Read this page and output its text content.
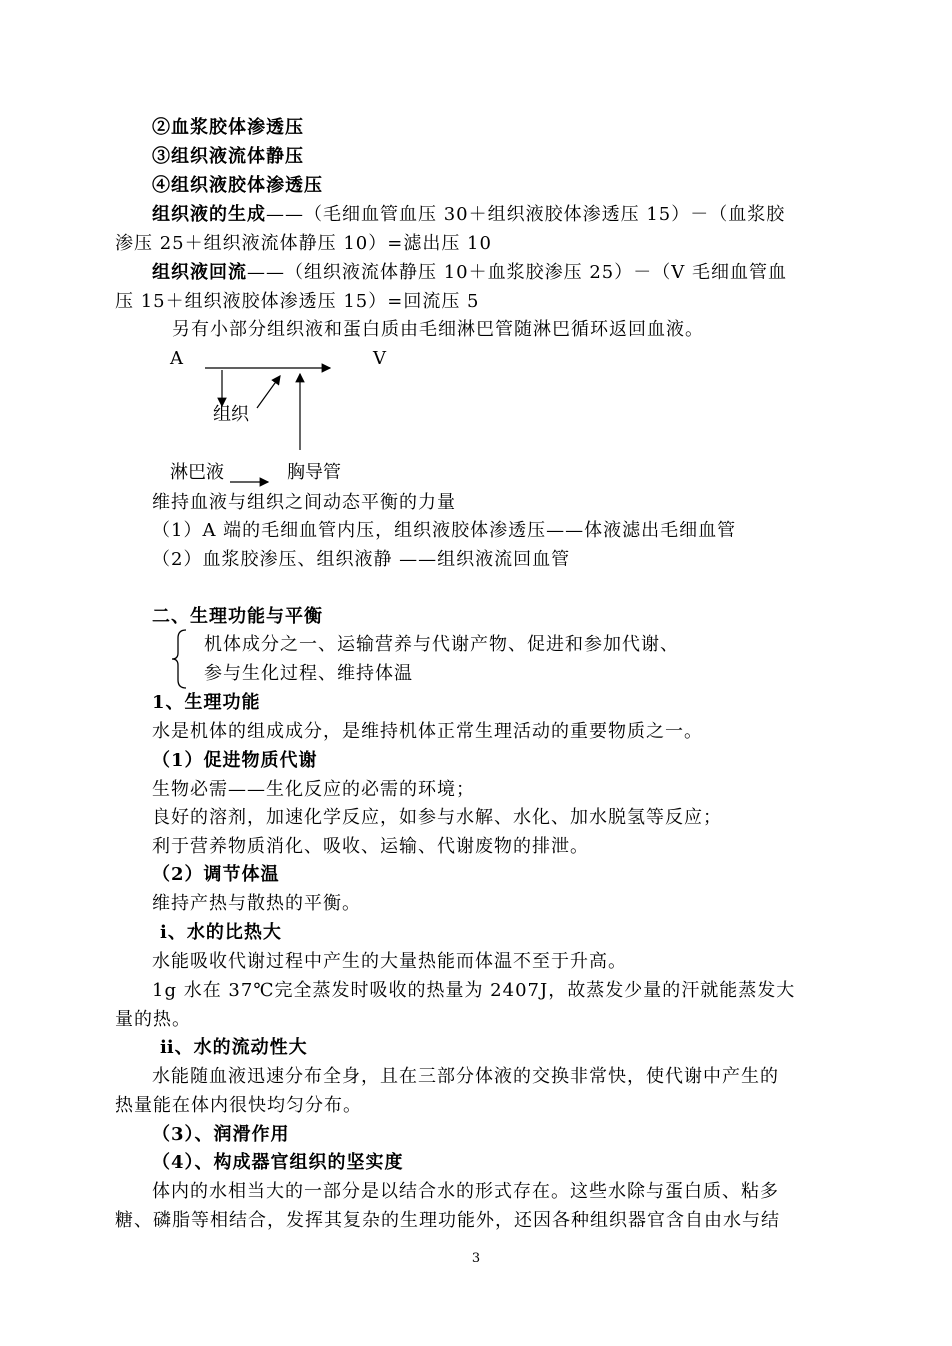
②血浆胶体渗透压
③组织液流体静压
④组织液胶体渗透压
组织液的生成——（毛细血管血压 30＋组织液胶体渗透压 15）－（血浆胶
渗压 25＋组织液流体静压 10）=滤出压 10
组织液回流——（组织液流体静压 10＋血浆胶渗压 25）－（V 毛细血管血
压 15＋组织液胶体渗透压 15）=回流压 5
另有小部分组织液和蛋白质由毛细淋巴管随淋巴循环返回血液。
A	V
组织
淋巴液	胸导管
维持血液与组织之间动态平衡的力量
（1）A 端的毛细血管内压，组织液胶体渗透压——体液滤出毛细血管
（2）血浆胶渗压、组织液静 ——组织液流回血管
二、生理功能与平衡
机体成分之一、运输营养与代谢产物、促进和参加代谢、
参与生化过程、维持体温
1、生理功能
水是机体的组成成分，是维持机体正常生理活动的重要物质之一。
（1）促进物质代谢
生物必需——生化反应的必需的环境；
良好的溶剂，加速化学反应，如参与水解、水化、加水脱氢等反应；
利于营养物质消化、吸收、运输、代谢废物的排泄。
（2）调节体温
维持产热与散热的平衡。
ⅰ、水的比热大
水能吸收代谢过程中产生的大量热能而体温不至于升高。
1g 水在 37℃完全蒸发时吸收的热量为 2407J，故蒸发少量的汗就能蒸发大
量的热。
ⅱ、水的流动性大
水能随血液迅速分布全身，且在三部分体液的交换非常快，使代谢中产生的
热量能在体内很快均匀分布。
（3）、润滑作用
（4）、构成器官组织的坚实度
体内的水相当大的一部分是以结合水的形式存在。这些水除与蛋白质、粘多
糖、磷脂等相结合，发挥其复杂的生理功能外，还因各种组织器官含自由水与结
3
